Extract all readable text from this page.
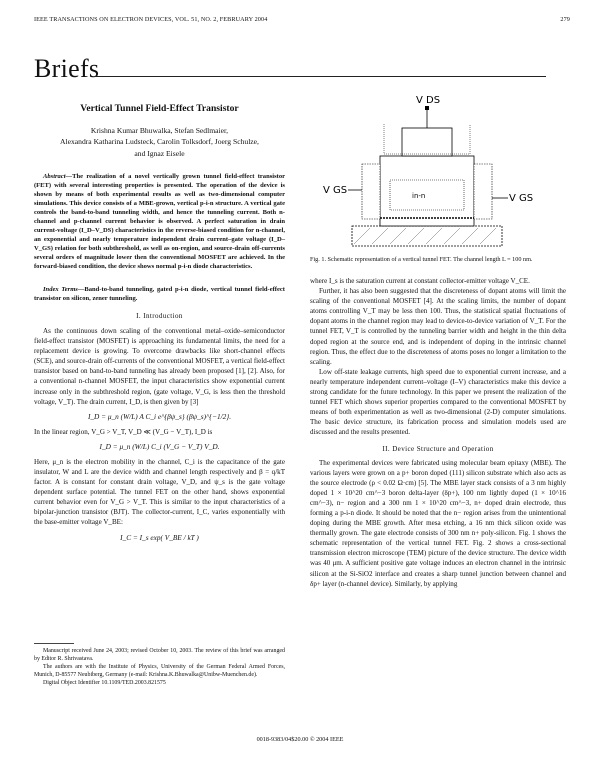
IEEE TRANSACTIONS ON ELECTRON DEVICES, VOL. 51, NO. 2, FEBRUARY 2004	279
Briefs
Vertical Tunnel Field-Effect Transistor
Krishna Kumar Bhuwalka, Stefan Sedlmaier,
Alexandra Katharina Ludsteck, Carolin Tolksdorf, Joerg Schulze,
and Ignaz Eisele
Abstract—The realization of a novel vertically grown tunnel field-effect transistor (FET) with several interesting properties is presented. The operation of the device is shown by means of both experimental results as well as two-dimensional computer simulations. This device consists of a MBE-grown, vertical p-i-n structure. A vertical gate controls the band-to-band tunneling width, and hence the tunneling current. Both n-channel and p-channel current behavior is observed. A perfect saturation in drain current-voltage (I_D–V_DS) characteristics in the reverse-biased condition for n-channel, an exponential and nearly temperature independent drain current–gate voltage (I_D–V_GS) relation for both subthreshold, as well as on-region, and source-drain off-currents several orders of magnitude lower then the conventional MOSFET are achieved. In the forward-biased condition, the device shows normal p-i-n diode characteristics.
Index Terms—Band-to-band tunneling, gated p-i-n diode, vertical tunnel field-effect transistor on silicon, zener tunneling.
I. Introduction

As the continuous down scaling of the conventional metal–oxide–semiconductor field-effect transistor (MOSFET) is approaching its fundamental limits, the need for a replacement device is growing. To overcome drawbacks like short-channel effects (SCE), and source-drain off-currents of the conventional MOSFET, a vertical field-effect transistor based on band-to-band tunneling has already been proposed [1], [2]. Also, for a conventional n-channel MOSFET, the input characteristics show exponential current increase only in the subthreshold region, (gate voltage, V_G, is less then the threshold voltage, V_T). The drain current, I_D, is then given by [3]

I_D = μ_n (W/L) A C_i e^{βψ_s} (βψ_s)^{−1/2}.

In the linear region, V_G > V_T, V_D ≪ (V_G − V_T), I_D is

I_D = μ_n (W/L) C_i (V_G − V_T) V_D.

Here, μ_n is the electron mobility in the channel, C_i is the capacitance of the gate insulator, W and L are the device width and channel length respectively and β = q/kT factor. A is constant for constant drain voltage, V_D, and ψ_s is the gate voltage dependent surface potential. The tunnel FET on the other hand, shows exponential current behavior even for V_G > V_T. This is similar to the input characteristics of a bipolar-junction transistor (BJT). The collector-current, I_C, varies exponentially with the base-emitter voltage V_BE:

I_C = I_s exp( V_BE / kT )

Manuscript received June 24, 2003; revised October 10, 2003. The review of this brief was arranged by Editor R. Shrivastava.

The authors are with the Institute of Physics, University of the German Federal Armed Forces, Munich, D-85577 Neubiberg, Germany (e-mail: Krishna.K.Bhuwalka@Unibw-Muenchen.de).

Digital Object Identifier 10.1109/TED.2003.821575

in-n
V GS
V GS
V DS
Fig. 1. Schematic representation of a vertical tunnel FET. The channel length L = 100 nm.

where I_s is the saturation current at constant collector-emitter voltage V_CE.

Further, it has also been suggested that the discreteness of dopant atoms will limit the scaling of the conventional MOSFET [4]. At the scaling limits, the number of dopant atoms controlling V_T may be less then 100. Thus, the statistical spatial fluctuations of dopant atoms in the channel region may lead to device-to-device variation of V_T. For the tunnel FET, V_T is controlled by the tunneling barrier width and height in the thin delta doped region at the source end, and is independent of doping in the intrinsic channel region. Thus, the effect due to the discreteness of atoms poses no longer a limitation to the scaling.

Low off-state leakage currents, high speed due to exponential current increase, and a nearly temperature independent current–voltage (I–V) characteristics make this device a strong candidate for the future technology. In this paper we present the realization of the tunnel FET which shows superior properties compared to the conventional MOSFET by means of both experimentation as well as two-dimensional (2-D) computer simulations. The basic device structure, its fabrication process and simulation models used are discussed and the results presented.

II. Device Structure and Operation

The experimental devices were fabricated using molecular beam epitaxy (MBE). The various layers were grown on a p+ boron doped (111) silicon substrate which also acts as the source electrode (ρ < 0.02 Ω·cm) [5]. The MBE layer stack consists of a 3 nm highly doped 1 × 10^20 cm^−3 boron delta-layer (δp+), 100 nm lightly doped (1 × 10^16 cm^−3), n− region and a 300 nm 1 × 10^20 cm^−3, n+ doped drain electrode, thus forming a p-i-n diode. It should be noted that the n− region arises from the unintentional doping during the MBE growth. After mesa etching, a 16 nm thick silicon oxide was thermally grown. The gate electrode consists of 300 nm n+ poly-silicon. Fig. 1 shows the schematic representation of the vertical tunnel FET. Fig. 2 shows a cross-sectional transmission electron microscope (TEM) picture of the device structure. The device width was 40 μm. A sufficient positive gate voltage induces an electron channel in the intrinsic silicon at the Si-SiO2 interface and creates a sharp tunnel junction between channel and δp+ layer (n-channel device). Similarly, by applying

0018-9383/04$20.00 © 2004 IEEE
